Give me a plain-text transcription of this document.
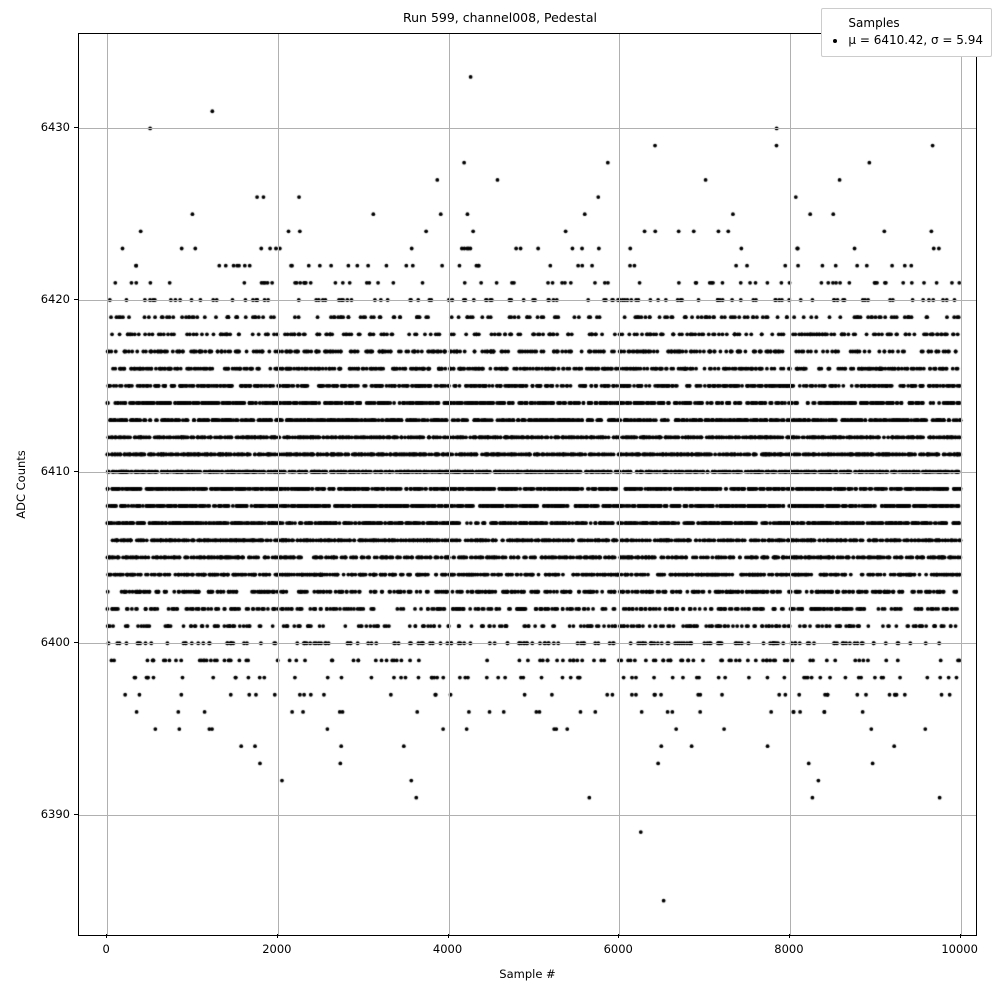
Run 599, channel008, Pedestal
Sample #
ADC Counts
Samples
μ = 6410.42, σ = 5.94
0	2000	4000	6000	8000	10000
6390
6400
6410
6420
6430
